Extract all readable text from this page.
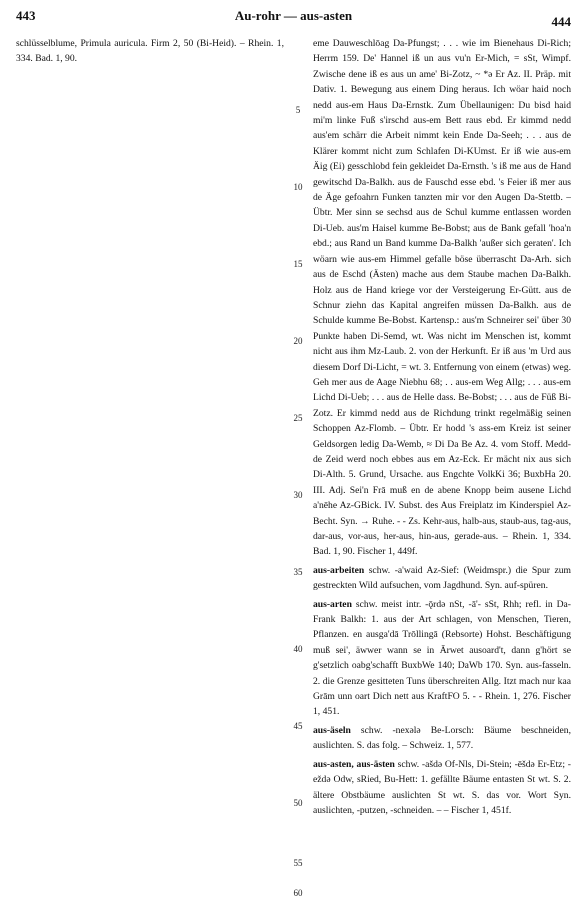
443	Au-rohr — aus-asten	444

schlüsselblume, Primula auricula. Firm 2, 50 (Bi-Heid). – Rhein. 1, 334. Bad. 1, 90.

5
10
15
20
25
30
35
40
45
50
55
60

eme Dauweschlōag Da-Pfungst; . . . wie im Bienehaus Di-Rich; Herrm 159. De' Hannel iß un aus vu'n Er-Mich, = sSt, Wimpf. Zwische dene iß es aus un ame' Bi-Zotz, ~ *ə Er Az. II. Präp. mit Dativ. 1. Bewegung aus einem Ding heraus. Ich wöar haid noch nedd aus-em Haus Da-Ernstk. Zum Übellaunigen: Du bisd haid mi'm linke Fuß s'irschd aus-em Bett raus ebd. Er kimmd nedd aus'em schärr die Arbeit nimmt kein Ende Da-Seeh; . . . aus de Klärer kommt nicht zum Schlafen Di-KUmst. Er iß wie aus-em Äig (Ei) gesschlobd fein gekleidet Da-Ernsth. 's iß me aus de Hand gewitschd Da-Balkh. aus de Fauschd esse ebd. 's Feier iß mer aus de Äge gefoahrn Funken tanzten mir vor den Augen Da-Stettb. – Übtr. Mer sinn se sechsd aus de Schul kumme entlassen worden Di-Ueb. aus'm Haisel kumme Be-Bobst; aus de Bank gefall 'hoa'n ebd.; aus Rand un Band kumme Da-Balkh 'außer sich geraten'. Ich wöarn wie aus-em Himmel gefalle böse überrascht Da-Arh. sich aus de Eschd (Ästen) mache aus dem Staube machen Da-Balkh. Holz aus de Hand kriege vor der Versteigerung Er-Gütt. aus de Schnur ziehn das Kapital angreifen müssen Da-Balkh. aus de Schulde kumme Be-Bobst. Kartensp.: aus'm Schneirer sei' über 30 Punkte haben Di-Semd, wt. Was nicht im Menschen ist, kommt nicht aus ihm Mz-Laub. 2. von der Herkunft. Er iß aus 'm Urd aus diesem Dorf Di-Licht, = wt. 3. Entfernung von einem (etwas) weg. Geh mer aus de Aage Niebhu 68; . . aus-em Weg Allg; . . . aus-em Lichd Di-Ueb; . . . aus de Helle dass. Be-Bobst; . . . aus de Füß Bi-Zotz. Er kimmd nedd aus de Richdung trinkt regelmäßig seinen Schoppen Az-Flomb. – Übtr. Er hodd 's ass-em Kreiz ist seiner Geldsorgen ledig Da-Wemb, ≈ Di Da Be Az. 4. vom Stoff. Medd-de Zeid werd noch ebbes aus em Az-Eck. Er mächt nix aus sich Di-Alth. 5. Grund, Ursache. aus Engchte VolkKi 36; BuxbHa 20. III. Adj. Sei'n Frā muß en de abene Knopp beim ausene Lichd a'nēhe Az-GBick. IV. Subst. des Aus Freiplatz im Kinderspiel Az-Becht. Syn. → Ruhe. - - Zs. Kehr-aus, halb-aus, staub-aus, tag-aus, dar-aus, vor-aus, her-aus, hin-aus, gerade-aus. – Rhein. 1, 334. Bad. 1, 90. Fischer 1, 449f.

aus-arbeiten schw. -a'waid Az-Sief: (Weidmspr.) die Spur zum gestreckten Wild aufsuchen, vom Jagdhund. Syn. auf-spüren.

aus-arten schw. meist intr. -ǭrdə nSt, -ā'- sSt, Rhh; refl. in Da-Frank Balkh: 1. aus der Art schlagen, von Menschen, Tieren, Pflanzen. en ausga'dā Trōllingā (Rebsorte) Hohst. Beschäftigung muß sei', äwwer wann se in Ārwet ausoard't, dann g'hört se g'setzlich oabg'schafft BuxbWe 140; DaWb 170. Syn. aus-fasseln. 2. die Grenze gesitteten Tuns überschreiten Allg. Itzt mach nur kaa Grām unn oart Dich nett aus KraftFO 5. - - Rhein. 1, 276. Fischer 1, 451.

aus-äseln schw. -nexələ Be-Lorsch: Bäume beschneiden, auslichten. S. das folg. – Schweiz. 1, 577.

aus-asten, aus-ästen schw. -ašdə Of-Nls, Di-Stein; -ēšdə Er-Etz; -eždə Odw, sRied, Bu-Hett: 1. gefällte Bäume entasten St wt. S. 2. ältere Obstbäume auslichten St wt. S. das vor. Wort Syn. auslichten, -putzen, -schneiden. – – Fischer 1, 451f.
